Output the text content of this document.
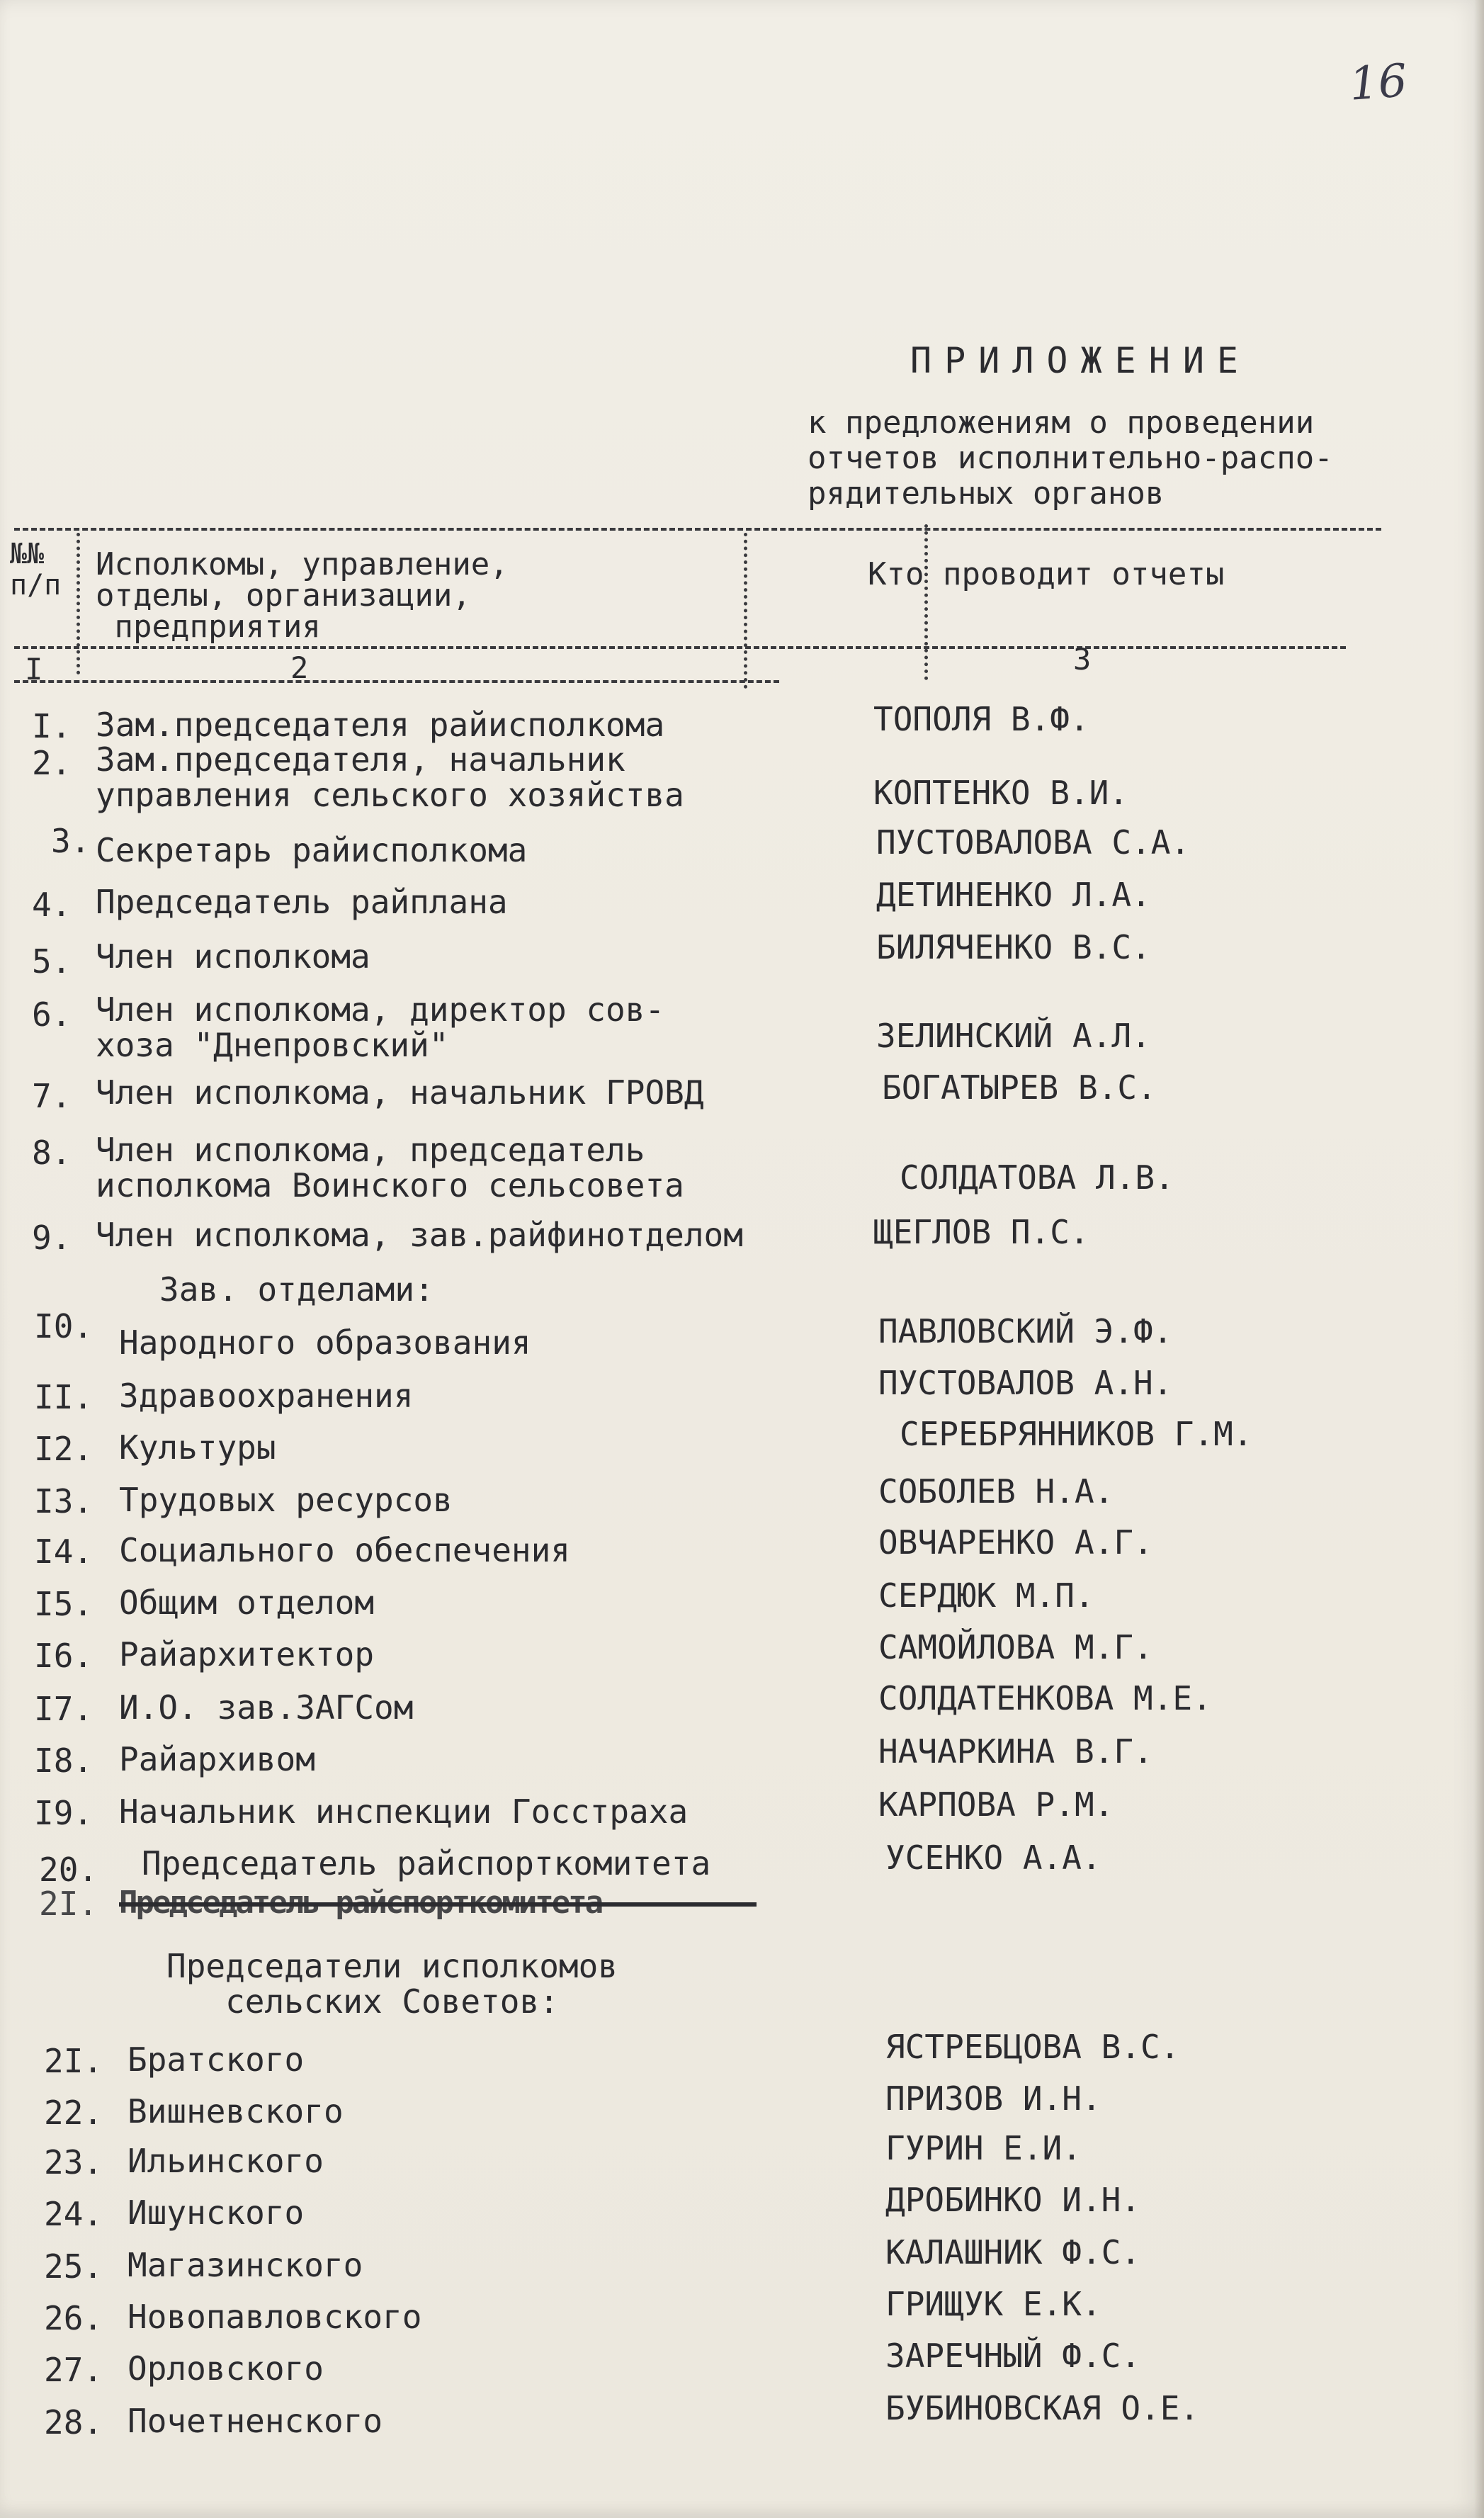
16
ПРИЛОЖЕНИЕ
к предложениям о проведении
отчетов исполнительно-распо-
рядительных органов
№№
п/п
Исполкомы, управление,
отделы, организации,
предприятия
Кто проводит отчеты
I	2	3
I. Зам.председателя райисполкома	ТОПОЛЯ В.Ф.
2. Зам.председателя, начальник
управления сельского хозяйства	КОПТЕНКО В.И.
3. Секретарь райисполкома	ПУСТОВАЛОВА С.А.
4. Председатель райплана	ДЕТИНЕНКО Л.А.
5. Член исполкома	БИЛЯЧЕНКО В.С.
6. Член исполкома, директор сов-
хоза "Днепровский"	ЗЕЛИНСКИЙ А.Л.
7. Член исполкома, начальник ГРОВД	БОГАТЫРЕВ В.С.
8. Член исполкома, председатель
исполкома Воинского сельсовета	СОЛДАТОВА Л.В.
9. Член исполкома, зав.райфинотделом	ЩЕГЛОВ П.С.
Зав. отделами:
I0. Народного образования	ПАВЛОВСКИЙ Э.Ф.
II. Здравоохранения	ПУСТОВАЛОВ А.Н.
I2. Культуры	СЕРЕБРЯННИКОВ Г.М.
I3. Трудовых ресурсов	СОБОЛЕВ Н.А.
I4. Социального обеспечения	ОВЧАРЕНКО А.Г.
I5. Общим отделом	СЕРДЮК М.П.
I6. Райархитектор	САМОЙЛОВА М.Г.
I7. И.О. зав.ЗАГСом	СОЛДАТЕНКОВА М.Е.
I8. Райархивом	НАЧАРКИНА В.Г.
I9. Начальник инспекции Госстраха	КАРПОВА Р.М.
20. Председатель райспорткомитета	УСЕНКО А.А.
2I. Председатель райспорткомитета
Председатели исполкомов
сельских Советов:
2I. Братского	ЯСТРЕБЦОВА В.С.
22. Вишневского	ПРИЗОВ И.Н.
23. Ильинского	ГУРИН Е.И.
24. Ишунского	ДРОБИНКО И.Н.
25. Магазинского	КАЛАШНИК Ф.С.
26. Новопавловского	ГРИЩУК Е.К.
27. Орловского	ЗАРЕЧНЫЙ Ф.С.
28. Почетненского	БУБИНОВСКАЯ О.Е.
